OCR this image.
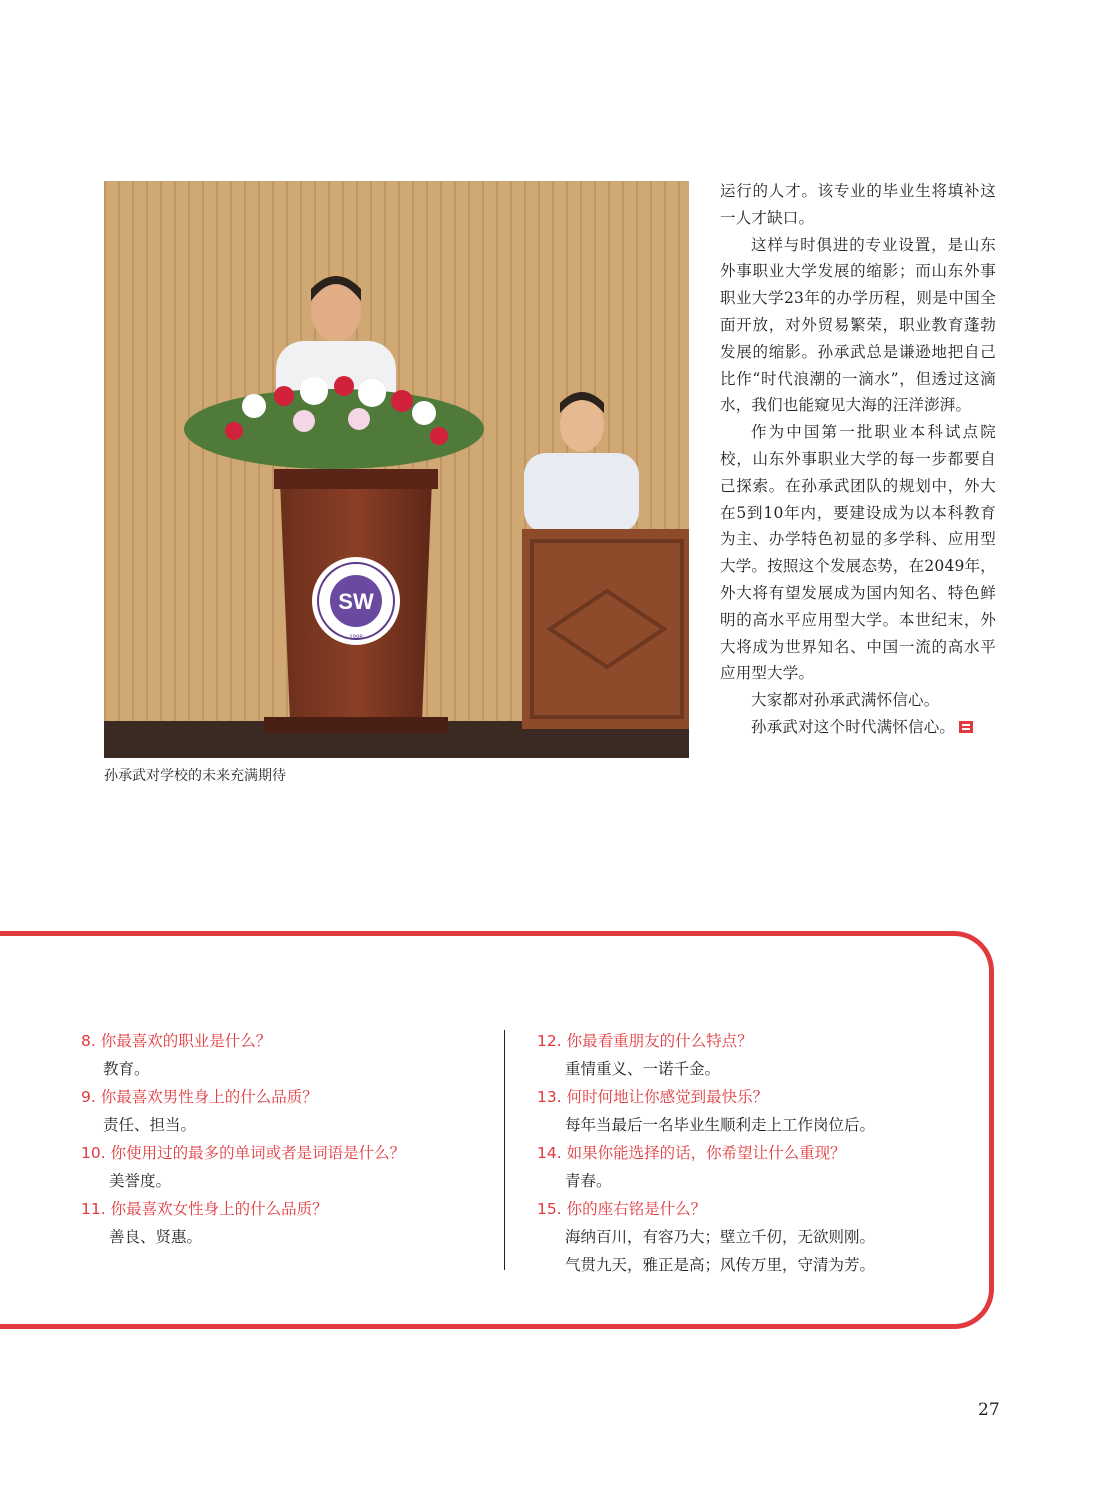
SW
1998
孙承武对学校的未来充满期待

运行的人才。该专业的毕业生将填补这一人才缺口。

这样与时俱进的专业设置，是山东外事职业大学发展的缩影；而山东外事职业大学23年的办学历程，则是中国全面开放，对外贸易繁荣，职业教育蓬勃发展的缩影。孙承武总是谦逊地把自己比作“时代浪潮的一滴水”，但透过这滴水，我们也能窥见大海的汪洋澎湃。

作为中国第一批职业本科试点院校，山东外事职业大学的每一步都要自己探索。在孙承武团队的规划中，外大在5到10年内，要建设成为以本科教育为主、办学特色初显的多学科、应用型大学。按照这个发展态势，在2049年，外大将有望发展成为国内知名、特色鲜明的高水平应用型大学。本世纪末，外大将成为世界知名、中国一流的高水平应用型大学。

大家都对孙承武满怀信心。

孙承武对这个时代满怀信心。

8. 你最喜欢的职业是什么？
教育。
9. 你最喜欢男性身上的什么品质？
责任、担当。
10. 你使用过的最多的单词或者是词语是什么？
美誉度。
11. 你最喜欢女性身上的什么品质？
善良、贤惠。
12. 你最看重朋友的什么特点？
重情重义、一诺千金。
13. 何时何地让你感觉到最快乐？
每年当最后一名毕业生顺利走上工作岗位后。
14. 如果你能选择的话，你希望让什么重现？
青春。
15. 你的座右铭是什么？
海纳百川，有容乃大；壁立千仞，无欲则刚。
气贯九天，雅正是高；风传万里，守清为芳。
27
